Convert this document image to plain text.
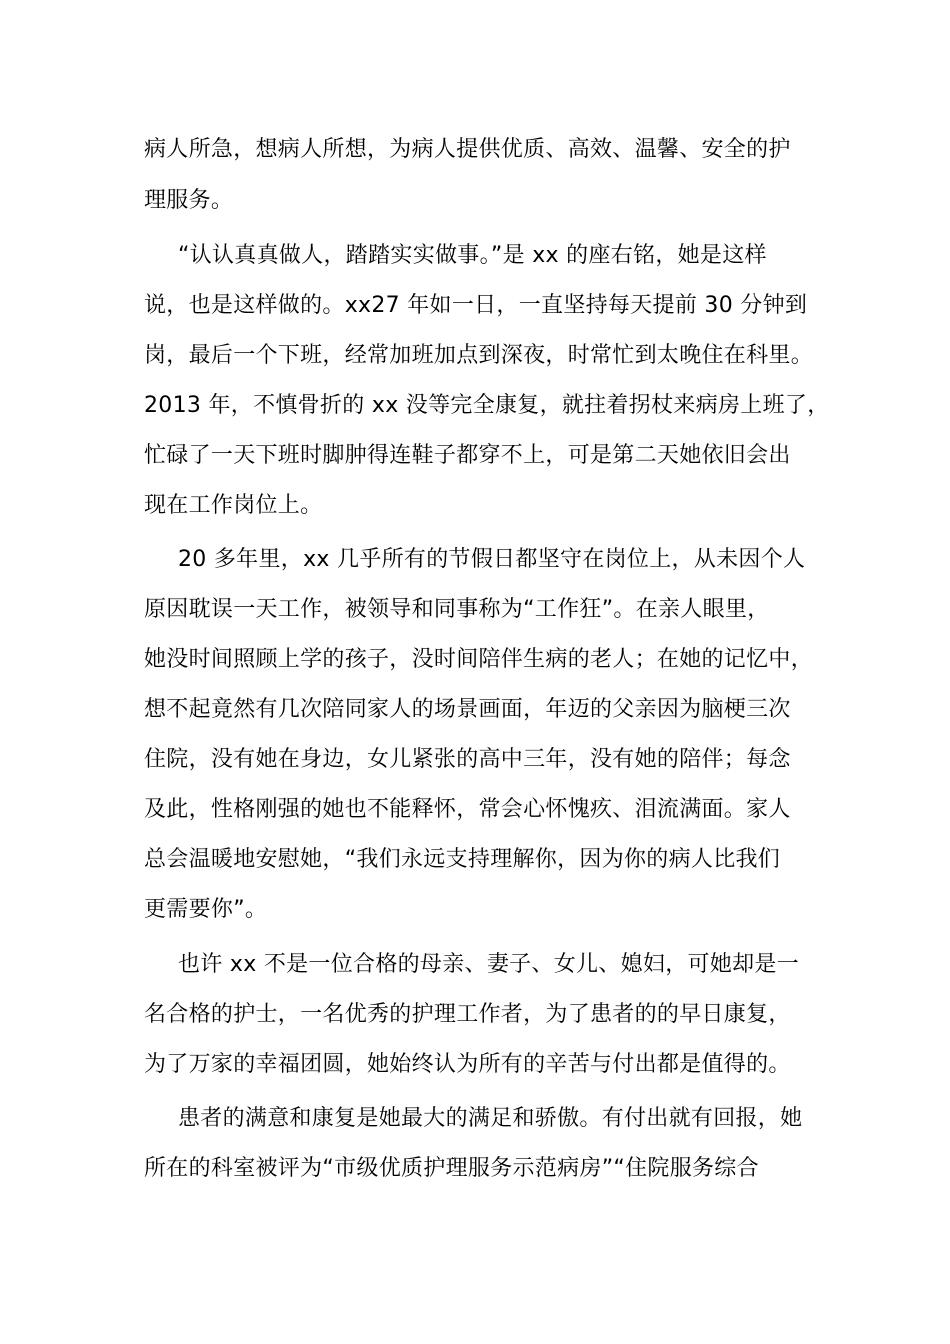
病人所急，想病人所想，为病人提供优质、高效、温馨、安全的护
理服务。
“认认真真做人，踏踏实实做事。”是 xx 的座右铭，她是这样
说，也是这样做的。xx27 年如一日，一直坚持每天提前 30 分钟到
岗，最后一个下班，经常加班加点到深夜，时常忙到太晚住在科里。
2013 年，不慎骨折的 xx 没等完全康复，就拄着拐杖来病房上班了，
忙碌了一天下班时脚肿得连鞋子都穿不上，可是第二天她依旧会出
现在工作岗位上。
20 多年里，xx 几乎所有的节假日都坚守在岗位上，从未因个人
原因耽误一天工作，被领导和同事称为“工作狂”。在亲人眼里，
她没时间照顾上学的孩子，没时间陪伴生病的老人；在她的记忆中，
想不起竟然有几次陪同家人的场景画面，年迈的父亲因为脑梗三次
住院，没有她在身边，女儿紧张的高中三年，没有她的陪伴；每念
及此，性格刚强的她也不能释怀，常会心怀愧疚、泪流满面。家人
总会温暖地安慰她，“我们永远支持理解你，因为你的病人比我们
更需要你”。
也许 xx 不是一位合格的母亲、妻子、女儿、媳妇，可她却是一
名合格的护士，一名优秀的护理工作者，为了患者的的早日康复，
为了万家的幸福团圆，她始终认为所有的辛苦与付出都是值得的。
患者的满意和康复是她最大的满足和骄傲。有付出就有回报，她
所在的科室被评为“市级优质护理服务示范病房”“住院服务综合
